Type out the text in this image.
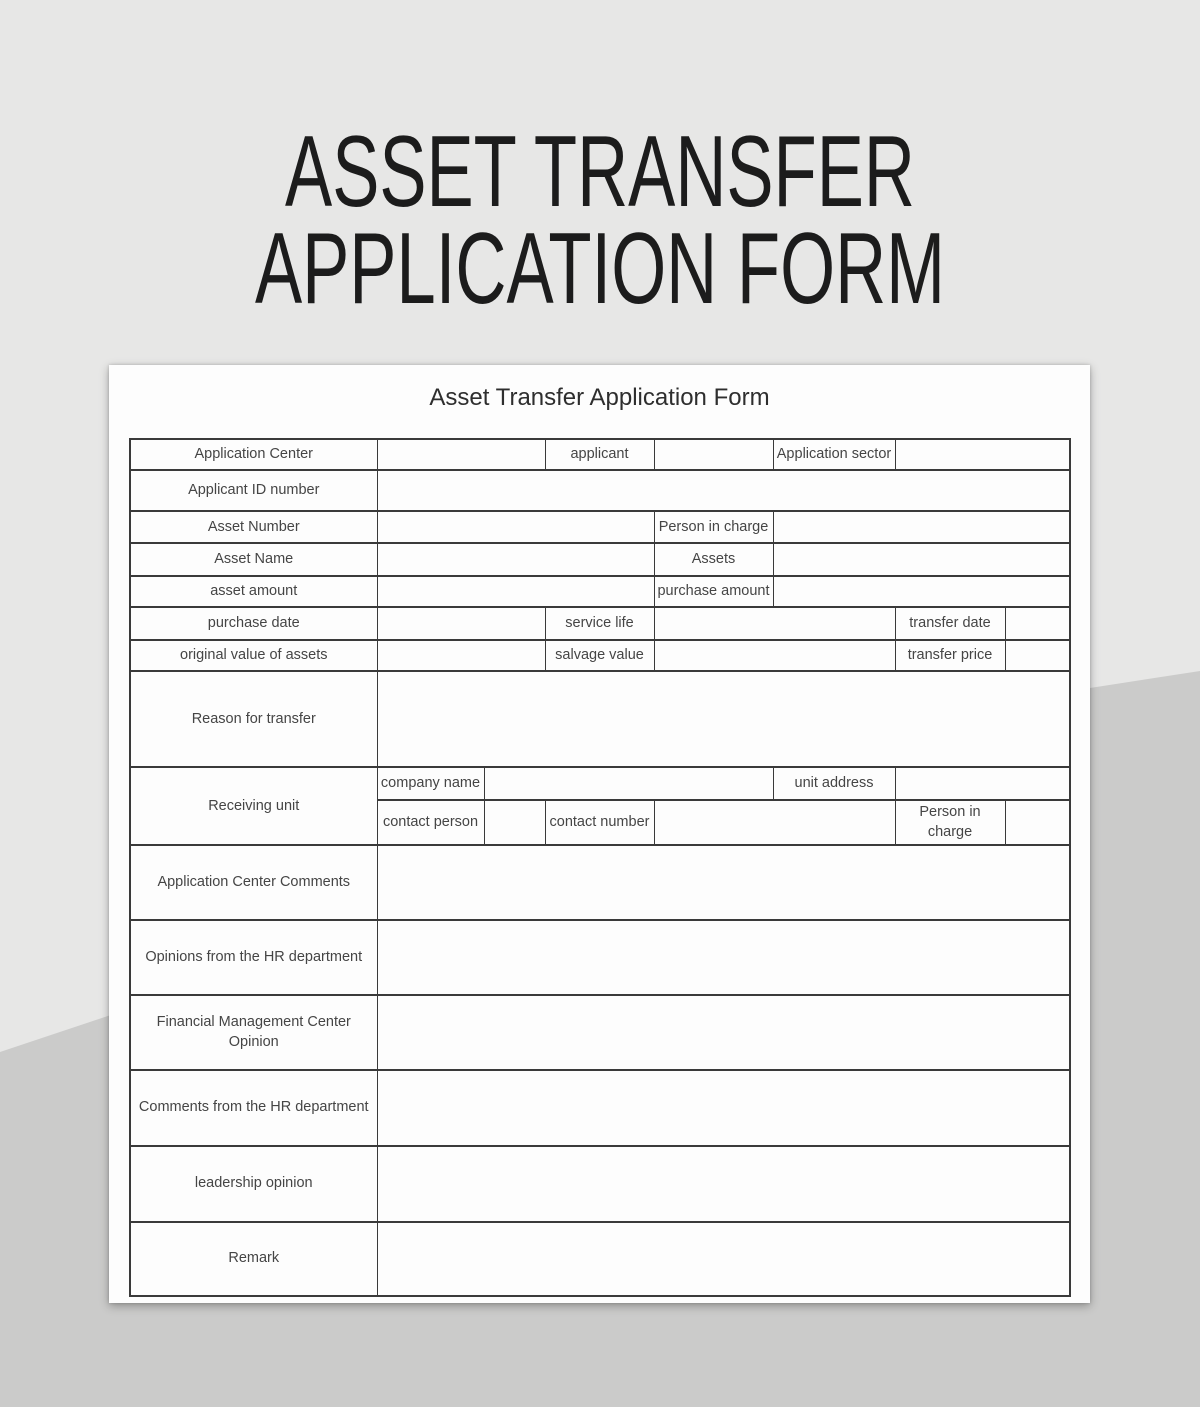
ASSET TRANSFER
APPLICATION FORM
Asset Transfer Application Form
Application Center			applicant		Application sector		
Applicant ID number							
Asset Number				Person in charge			
Asset Name				Assets			
asset amount				purchase amount			
purchase date			service life			transfer date	
original value of assets			salvage value			transfer price	
Reason for transfer							
Receiving unit	company name				unit address		
	contact person		contact number			Person in charge	
Application Center Comments							
Opinions from the HR department							
Financial Management Center Opinion							
Comments from the HR department							
leadership opinion							
Remark							
